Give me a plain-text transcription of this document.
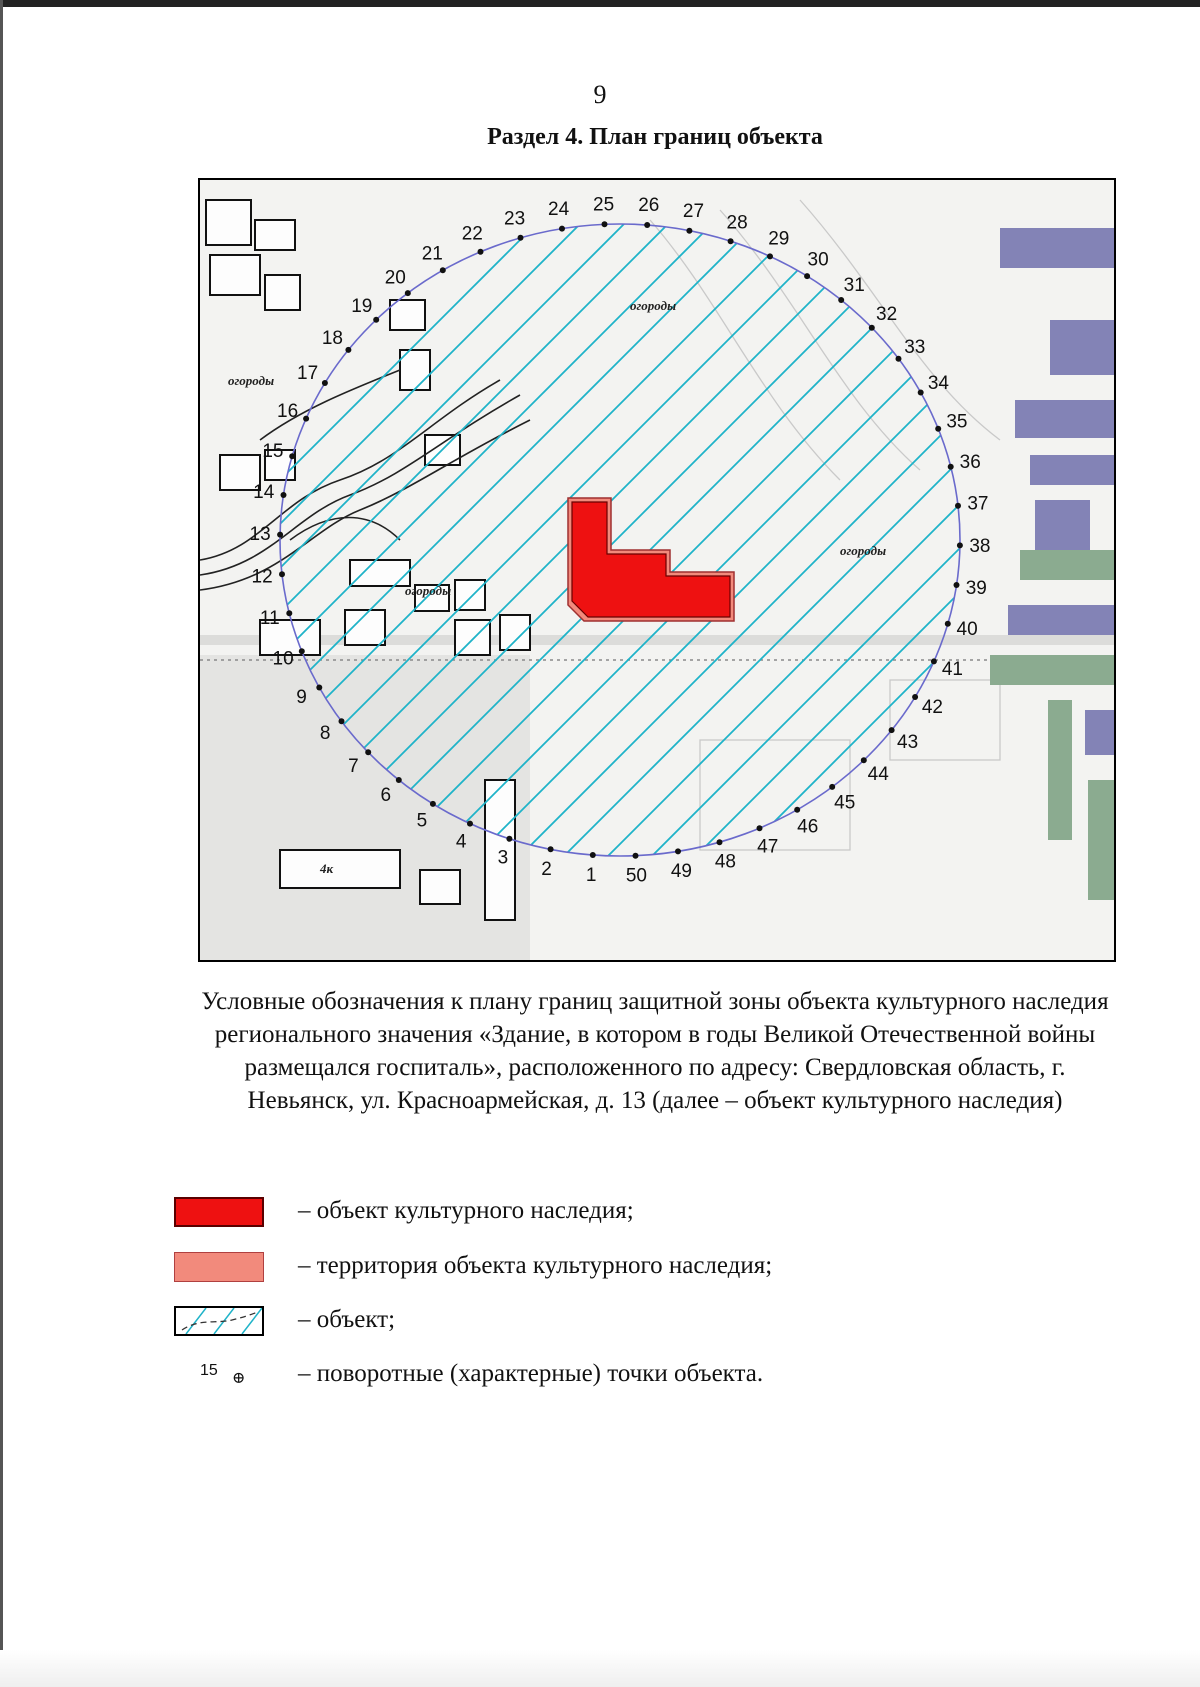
9
Раздел 4. План границ объекта
огороды
огороды
огороды
огороды
4к	1
2
3
4
5
6
7
8
9
10
11
12
13
14
15
16
17
18
19
20
21
22
23 24 25 26 27
28
29
30
31
32
33
34
35
36
37
38
39
40
41
42
43
44
45
46
47
48
49
50
Условные обозначения к плану границ защитной зоны объекта культурного наследия регионального значения «Здание, в котором в годы Великой Отечественной войны размещался госпиталь», расположенного по адресу: Свердловская область, г. Невьянск, ул. Красноармейская, д. 13 (далее – объект культурного наследия)
– объект культурного наследия;
– территория объекта культурного наследия;
– объект;
15 ⊕ – поворотные (характерные) точки объекта.
